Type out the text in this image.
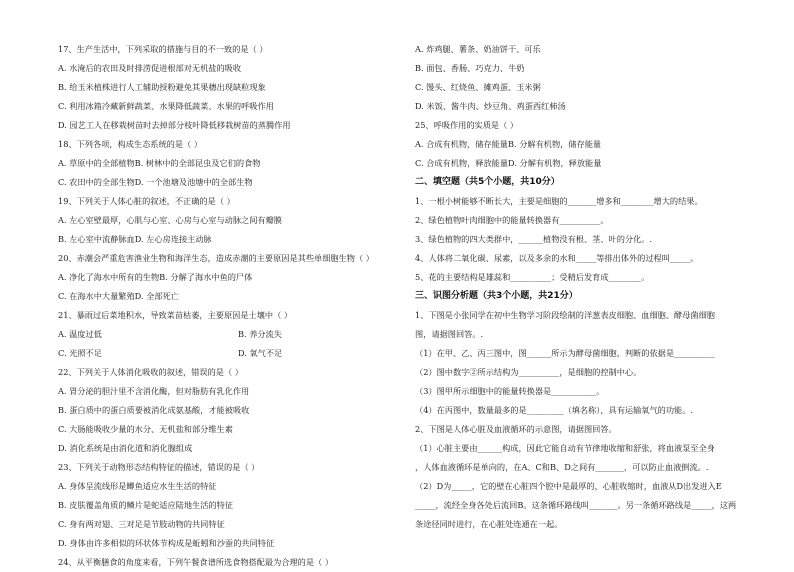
17、生产生活中，下列采取的措施与目的不一致的是（ ）
A. 水淹后的农田及时排涝促进根部对无机盐的吸收
B. 给玉米植株进行人工辅助授粉避免其果穗出现缺粒现象
C. 利用冰箱冷藏新鲜蔬菜、水果降低蔬菜、水果的呼吸作用
D. 园艺工人在移栽树苗时去掉部分枝叶降低移栽树苗的蒸腾作用
18、下列各项，构成生态系统的是（ ）
A. 草原中的全部植物B. 树林中的全部昆虫及它们的食物
C. 农田中的全部生物D. 一个池塘及池塘中的全部生物
19、下列关于人体心脏的叙述，不正确的是（ ）
A. 左心室壁最厚，心肌与心室、心房与心室与动脉之间有瓣膜
B. 左心室中流静脉血D. 左心房连接主动脉
20、赤潮会严重危害渔业生物和海洋生态，造成赤潮的主要原因是其些单细胞生物（ ）
A. 净化了海水中所有的生物B. 分解了海水中鱼的尸体
C. 在海水中大量繁殖D. 全部死亡
21、暴雨过后菜地积水，导致菜苗枯萎，主要原因是土壤中（ ）
A. 温度过低	B. 养分流失
C. 光照不足	D. 氧气不足
22、下列关于人体消化吸收的叙述，错误的是（ ）
A. 胃分泌的胆汁里不含消化酶，但对脂肪有乳化作用
B. 蛋白质中的蛋白质要被消化成氨基酸，才能被吸收
C. 大肠能吸收少量的水分、无机盐和部分维生素
D. 消化系统是由消化道和消化腺组成
23、下列关于动物形态结构特征的描述，错误的是（ ）
A. 身体呈流线形是鲫鱼适应水生生活的特征
B. 皮肤覆盖角质的鳞片是蛇适应陆地生活的特征
C. 身有两对翅、三对足是节肢动物的共同特征
D. 身体由许多相似的环状体节构成是蚯蚓和沙蚕的共同特征
24、从平衡膳食的角度来看，下列午餐食谱所选食物搭配最为合理的是（ ）
A. 炸鸡腿、薯条、奶油饼干、可乐
B. 面包、香肠、巧克力、牛奶
C. 馒头、红烧鱼、摊鸡蛋、玉米粥
D. 米饭、酱牛肉、炒豆角、鸡蛋西红柿汤
25、呼吸作用的实质是（ ）
A. 合成有机物，储存能量B. 分解有机物，储存能量
C. 合成有机物，释放能量D. 分解有机物，释放能量
二、填空题（共5个小题，共10分）
1、一根小树能够不断长大，主要是细胞的_______增多和________增大的结果。
2、绿色植物叶肉细胞中的能量转换器有__________。
3、绿色植物的四大类群中，______植物没有根、茎、叶的分化。.
4、人体将二氧化碳、尿素，以及多余的水和_____等排出体外的过程叫_____。
5、花的主要结构是雄蕊和__________；受精后发育成________。
三、识图分析题（共3个小题，共21分）
1、下图是小张同学在初中生物学习阶段绘制的洋葱表皮细胞、血细胞、酵母菌细胞
图，请据图回答。.
（1）在甲、乙、丙三图中，图______所示为酵母菌细胞，判断的依据是__________
（2）图中数字②所示结构为__________，是细胞的控制中心。
（3）图甲所示细胞中的能量转换器是___________。
（4）在丙图中，数量最多的是_________（填名称），具有运输氧气的功能。.
2、下图是人体心脏及血液循环的示意图，请据图回答。
（1）心脏主要由______构成，因此它能自动有节律地收缩和舒张，将血液泵至全身
，人体血液循环是单向的，在A、C和B、D之间有_______，可以防止血液倒流。.
（2）D为_____，它的壁在心脏四个腔中是最厚的，心脏收缩时，血液从D出发进入E
_____，流经全身各处后流回B。这条循环路线叫_______。另一条循环路线是_____，这两
条途径同时进行，在心脏处连通在一起。
